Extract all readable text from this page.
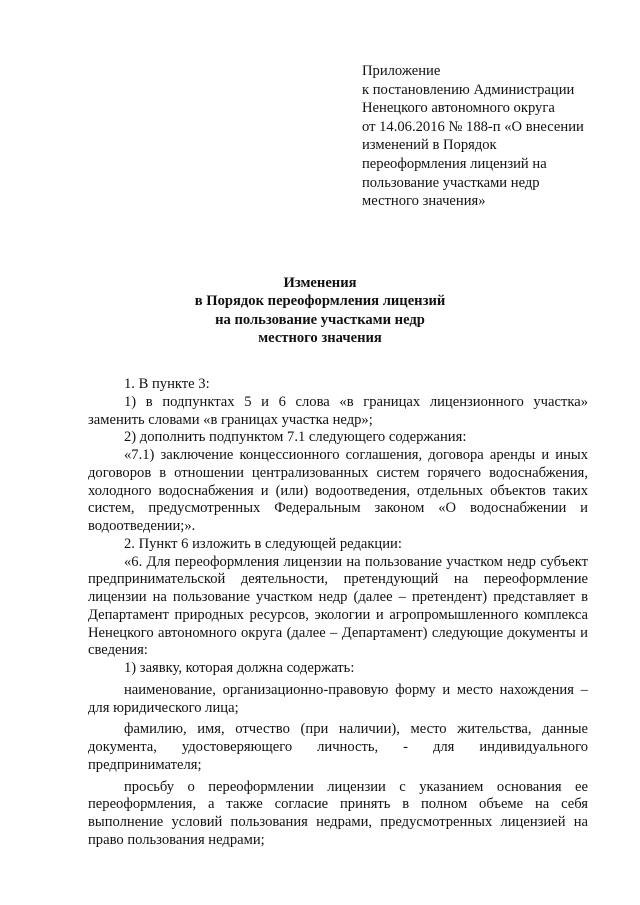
Приложение
к постановлению Администрации
Ненецкого автономного округа
от 14.06.2016 № 188-п «О внесении
изменений в Порядок
переоформления лицензий на
пользование участками недр
местного значения»
Изменения
в Порядок переоформления лицензий
на пользование участками недр
местного значения
1. В пункте 3:
1) в подпунктах 5 и 6 слова «в границах лицензионного участка» заменить словами «в границах участка недр»;
2) дополнить подпунктом 7.1 следующего содержания:
«7.1) заключение концессионного соглашения, договора аренды и иных договоров в отношении централизованных систем горячего водоснабжения, холодного водоснабжения и (или) водоотведения, отдельных объектов таких систем, предусмотренных Федеральным законом «О водоснабжении и водоотведении;».
2. Пункт 6 изложить в следующей редакции:
«6. Для переоформления лицензии на пользование участком недр субъект предпринимательской деятельности, претендующий на переоформление лицензии на пользование участком недр (далее – претендент) представляет в Департамент природных ресурсов, экологии и агропромышленного комплекса Ненецкого автономного округа (далее – Департамент) следующие документы и сведения:
1) заявку, которая должна содержать:
наименование, организационно-правовую форму и место нахождения – для юридического лица;
фамилию, имя, отчество (при наличии), место жительства, данные документа, удостоверяющего личность, - для индивидуального предпринимателя;
просьбу о переоформлении лицензии с указанием основания ее переоформления, а также согласие принять в полном объеме на себя выполнение условий пользования недрами, предусмотренных лицензией на право пользования недрами;
